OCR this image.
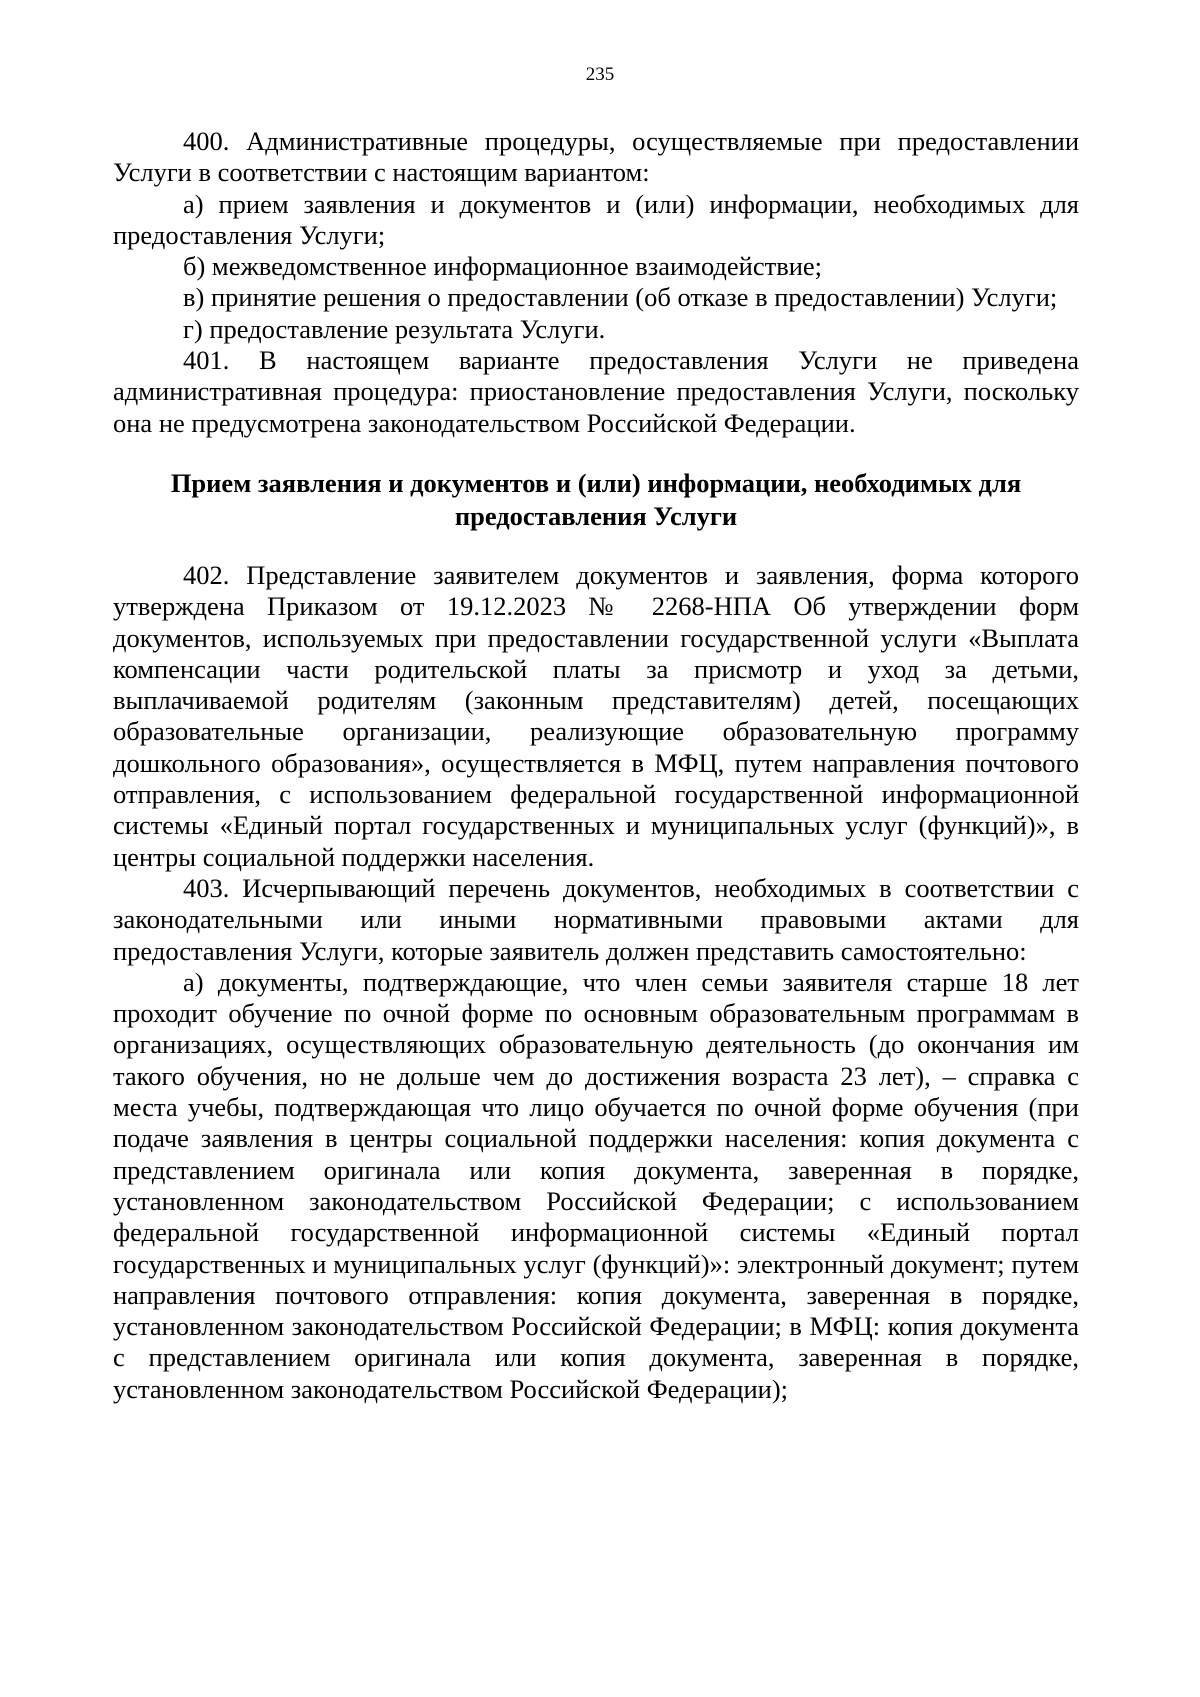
235

400. Административные процедуры, осуществляемые при предоставлении Услуги в соответствии с настоящим вариантом:

а) прием заявления и документов и (или) информации, необходимых для предоставления Услуги;

б) межведомственное информационное взаимодействие;

в) принятие решения о предоставлении (об отказе в предоставлении) Услуги;

г) предоставление результата Услуги.

401. В настоящем варианте предоставления Услуги не приведена административная процедура: приостановление предоставления Услуги, поскольку она не предусмотрена законодательством Российской Федерации.

Прием заявления и документов и (или) информации, необходимых для предоставления Услуги

402. Представление заявителем документов и заявления, форма которого утверждена Приказом от 19.12.2023 № 2268-НПА Об утверждении форм документов, используемых при предоставлении государственной услуги «Выплата компенсации части родительской платы за присмотр и уход за детьми, выплачиваемой родителям (законным представителям) детей, посещающих образовательные организации, реализующие образовательную программу дошкольного образования», осуществляется в МФЦ, путем направления почтового отправления, с использованием федеральной государственной информационной системы «Единый портал государственных и муниципальных услуг (функций)», в центры социальной поддержки населения.

403. Исчерпывающий перечень документов, необходимых в соответствии с законодательными или иными нормативными правовыми актами для предоставления Услуги, которые заявитель должен представить самостоятельно:

а) документы, подтверждающие, что член семьи заявителя старше 18 лет проходит обучение по очной форме по основным образовательным программам в организациях, осуществляющих образовательную деятельность (до окончания им такого обучения, но не дольше чем до достижения возраста 23 лет), – справка с места учебы, подтверждающая что лицо обучается по очной форме обучения (при подаче заявления в центры социальной поддержки населения: копия документа с представлением оригинала или копия документа, заверенная в порядке, установленном законодательством Российской Федерации; с использованием федеральной государственной информационной системы «Единый портал государственных и муниципальных услуг (функций)»: электронный документ; путем направления почтового отправления: копия документа, заверенная в порядке, установленном законодательством Российской Федерации; в МФЦ: копия документа с представлением оригинала или копия документа, заверенная в порядке, установленном законодательством Российской Федерации);
